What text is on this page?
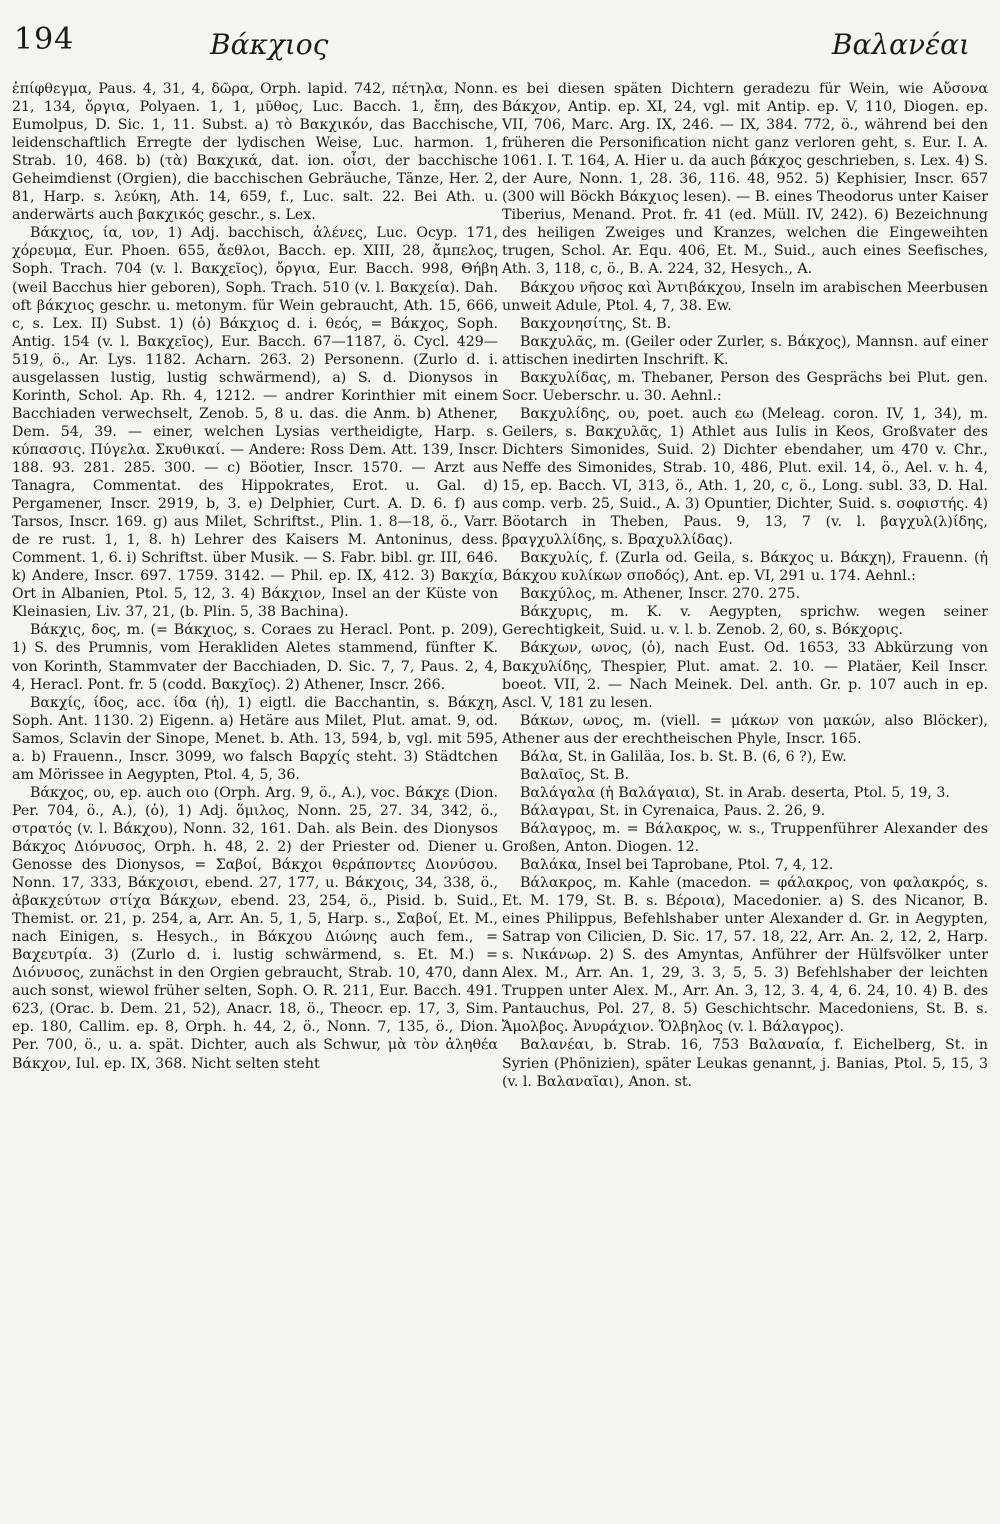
194	Βάκχιος	Βαλανέαι

ἐπίφθεγμα, Paus. 4, 31, 4, δῶρα, Orph. lapid. 742, πέτηλα, Nonn. 21, 134, ὄργια, Polyaen. 1, 1, μῦθος, Luc. Bacch. 1, ἔπη, des Eumolpus, D. Sic. 1, 11. Subst. a) τὸ Βακχικόν, das Bacchische, leidenschaftlich Erregte der lydischen Weise, Luc. harmon. 1, Strab. 10, 468. b) (τὰ) Βακχικά, dat. ion. οἶσι, der bacchische Geheimdienst (Orgien), die bacchischen Gebräuche, Tänze, Her. 2, 81, Harp. s. λεύκη, Ath. 14, 659, f., Luc. salt. 22. Bei Ath. u. anderwärts auch βακχικός geschr., s. Lex.

Βάκχιος, ία, ιον, 1) Adj. bacchisch, ἀλένες, Luc. Ocyp. 171, χόρευμα, Eur. Phoen. 655, ἄεθλοι, Bacch. ep. XIII, 28, ἄμπελος, Soph. Trach. 704 (v. l. Βακχεῖος), ὄργια, Eur. Bacch. 998, Θήβη (weil Bacchus hier geboren), Soph. Trach. 510 (v. l. Βακχεία). Dah. oft βάκχιος geschr. u. metonym. für Wein gebraucht, Ath. 15, 666, c, s. Lex. II) Subst. 1) (ὁ) Βάκχιος d. i. θεός, = Βάκχος, Soph. Antig. 154 (v. l. Βακχεῖος), Eur. Bacch. 67—1187, ö. Cycl. 429—519, ö., Ar. Lys. 1182. Acharn. 263. 2) Personenn. (Zurlo d. i. ausgelassen lustig, lustig schwärmend), a) S. d. Dionysos in Korinth, Schol. Ap. Rh. 4, 1212. — andrer Korinthier mit einem Bacchiaden verwechselt, Zenob. 5, 8 u. das. die Anm. b) Athener, Dem. 54, 39. — einer, welchen Lysias vertheidigte, Harp. s. κύπασσις. Πύγελα. Σκυθικαί. — Andere: Ross Dem. Att. 139, Inscr. 188. 93. 281. 285. 300. — c) Böotier, Inscr. 1570. — Arzt aus Tanagra, Commentat. des Hippokrates, Erot. u. Gal. d) Pergamener, Inscr. 2919, b, 3. e) Delphier, Curt. A. D. 6. f) aus Tarsos, Inscr. 169. g) aus Milet, Schriftst., Plin. 1. 8—18, ö., Varr. de re rust. 1, 1, 8. h) Lehrer des Kaisers M. Antoninus, dess. Comment. 1, 6. i) Schriftst. über Musik. — S. Fabr. bibl. gr. III, 646. k) Andere, Inscr. 697. 1759. 3142. — Phil. ep. IX, 412. 3) Βακχία, Ort in Albanien, Ptol. 5, 12, 3. 4) Βάκχιον, Insel an der Küste von Kleinasien, Liv. 37, 21, (b. Plin. 5, 38 Bachina).

Βάκχις, δος, m. (= Βάκχιος, s. Coraes zu Heracl. Pont. p. 209), 1) S. des Prumnis, vom Herakliden Aletes stammend, fünfter K. von Korinth, Stammvater der Bacchiaden, D. Sic. 7, 7, Paus. 2, 4, 4, Heracl. Pont. fr. 5 (codd. Βακχῖος). 2) Athener, Inscr. 266.

Βακχίς, ίδος, acc. ίδα (ἡ), 1) eigtl. die Bacchantin, s. Βάκχη, Soph. Ant. 1130. 2) Eigenn. a) Hetäre aus Milet, Plut. amat. 9, od. Samos, Sclavin der Sinope, Menet. b. Ath. 13, 594, b, vgl. mit 595, a. b) Frauenn., Inscr. 3099, wo falsch Βαρχίς steht. 3) Städtchen am Mörissee in Aegypten, Ptol. 4, 5, 36.

Βάκχος, ου, ep. auch οιο (Orph. Arg. 9, ö., A.), voc. Βάκχε (Dion. Per. 704, ö., A.), (ὁ), 1) Adj. ὅμιλος, Nonn. 25, 27. 34, 342, ö., στρατός (v. l. Βάκχου), Nonn. 32, 161. Dah. als Bein. des Dionysos Βάκχος Διόνυσος, Orph. h. 48, 2. 2) der Priester od. Diener u. Genosse des Dionysos, = Σαβοί, Βάκχοι θεράποντες Διονύσου. Nonn. 17, 333, Βάκχοισι, ebend. 27, 177, u. Βάκχοις, 34, 338, ö., ἀβακχεύτων στίχα Βάκχων, ebend. 23, 254, ö., Pisid. b. Suid., Themist. or. 21, p. 254, a, Arr. An. 5, 1, 5, Harp. s., Σαβοί, Et. M., nach Einigen, s. Hesych., in Βάκχου Διώνης auch fem., = Βαχευτρία. 3) (Zurlo d. i. lustig schwärmend, s. Et. M.) = Διόνυσος, zunächst in den Orgien gebraucht, Strab. 10, 470, dann auch sonst, wiewol früher selten, Soph. O. R. 211, Eur. Bacch. 491. 623, (Orac. b. Dem. 21, 52), Anacr. 18, ö., Theocr. ep. 17, 3, Sim. ep. 180, Callim. ep. 8, Orph. h. 44, 2, ö., Nonn. 7, 135, ö., Dion. Per. 700, ö., u. a. spät. Dichter, auch als Schwur, μὰ τὸν ἀληθέα Βάκχον, Iul. ep. IX, 368. Nicht selten steht

es bei diesen späten Dichtern geradezu für Wein, wie Αὔσονα Βάκχον, Antip. ep. XI, 24, vgl. mit Antip. ep. V, 110, Diogen. ep. VII, 706, Marc. Arg. IX, 246. — IX, 384. 772, ö., während bei den früheren die Personification nicht ganz verloren geht, s. Eur. I. A. 1061. I. T. 164, A. Hier u. da auch βάκχος geschrieben, s. Lex. 4) S. der Aure, Nonn. 1, 28. 36, 116. 48, 952. 5) Kephisier, Inscr. 657 (300 will Böckh Βάκχιος lesen). — B. eines Theodorus unter Kaiser Tiberius, Menand. Prot. fr. 41 (ed. Müll. IV, 242). 6) Bezeichnung des heiligen Zweiges und Kranzes, welchen die Eingeweihten trugen, Schol. Ar. Equ. 406, Et. M., Suid., auch eines Seefisches, Ath. 3, 118, c, ö., B. A. 224, 32, Hesych., A.

Βάκχου νῆσος καὶ Ἀντιβάκχου, Inseln im arabischen Meerbusen unweit Adule, Ptol. 4, 7, 38. Ew.

Βακχονησίτης, St. B.

Βακχυλᾶς, m. (Geiler oder Zurler, s. Βάκχος), Mannsn. auf einer attischen inedirten Inschrift. K.

Βακχυλίδας, m. Thebaner, Person des Gesprächs bei Plut. gen. Socr. Ueberschr. u. 30. Aehnl.:

Βακχυλίδης, ου, poet. auch εω (Meleag. coron. IV, 1, 34), m. Geilers, s. Βακχυλᾶς, 1) Athlet aus Iulis in Keos, Großvater des Dichters Simonides, Suid. 2) Dichter ebendaher, um 470 v. Chr., Neffe des Simonides, Strab. 10, 486, Plut. exil. 14, ö., Ael. v. h. 4, 15, ep. Bacch. VI, 313, ö., Ath. 1, 20, c, ö., Long. subl. 33, D. Hal. comp. verb. 25, Suid., A. 3) Opuntier, Dichter, Suid. s. σοφιστής. 4) Böotarch in Theben, Paus. 9, 13, 7 (v. l. βαγχυλ(λ)ίδης, βραγχυλλίδης, s. Βραχυλλίδας).

Βακχυλίς, f. (Zurla od. Geila, s. Βάκχος u. Βάκχη), Frauenn. (ἡ Βάκχου κυλίκων σποδός), Ant. ep. VI, 291 u. 174. Aehnl.:

Βακχύλος, m. Athener, Inscr. 270. 275.

Βάκχυρις, m. K. v. Aegypten, sprichw. wegen seiner Gerechtigkeit, Suid. u. v. l. b. Zenob. 2, 60, s. Βόκχορις.

Βάκχων, ωνος, (ὁ), nach Eust. Od. 1653, 33 Abkürzung von Βακχυλίδης, Thespier, Plut. amat. 2. 10. — Platäer, Keil Inscr. boeot. VII, 2. — Nach Meinek. Del. anth. Gr. p. 107 auch in ep. Ascl. V, 181 zu lesen.

Βάκων, ωνος, m. (viell. = μάκων von μακών, also Blöcker), Athener aus der erechtheischen Phyle, Inscr. 165.

Βάλα, St. in Galiläa, Ios. b. St. B. (6, 6 ?), Ew.

Βαλαῖος, St. B.

Βαλάγαλα (ἡ Βαλάγαια), St. in Arab. deserta, Ptol. 5, 19, 3.

Βάλαγραι, St. in Cyrenaica, Paus. 2. 26, 9.

Βάλαγρος, m. = Βάλακρος, w. s., Truppenführer Alexander des Großen, Anton. Diogen. 12.

Βαλάκα, Insel bei Taprobane, Ptol. 7, 4, 12.

Βάλακρος, m. Kahle (macedon. = φάλακρος, von φαλακρός, s. Et. M. 179, St. B. s. Βέροια), Macedonier. a) S. des Nicanor, B. eines Philippus, Befehlshaber unter Alexander d. Gr. in Aegypten, Satrap von Cilicien, D. Sic. 17, 57. 18, 22, Arr. An. 2, 12, 2, Harp. s. Νικάνωρ. 2) S. des Amyntas, Anführer der Hülfsvölker unter Alex. M., Arr. An. 1, 29, 3. 3, 5, 5. 3) Befehlshaber der leichten Truppen unter Alex. M., Arr. An. 3, 12, 3. 4, 4, 6. 24, 10. 4) B. des Pantauchus, Pol. 27, 8. 5) Geschichtschr. Macedoniens, St. B. s. Ἄμολβος. Ἀνυράχιον. Ὄλβηλος (v. l. Βάλαγρος).

Βαλανέαι, b. Strab. 16, 753 Βαλαναία, f. Eichelberg, St. in Syrien (Phönizien), später Leukas genannt, j. Banias, Ptol. 5, 15, 3 (v. l. Βαλαναῖαι), Anon. st.
